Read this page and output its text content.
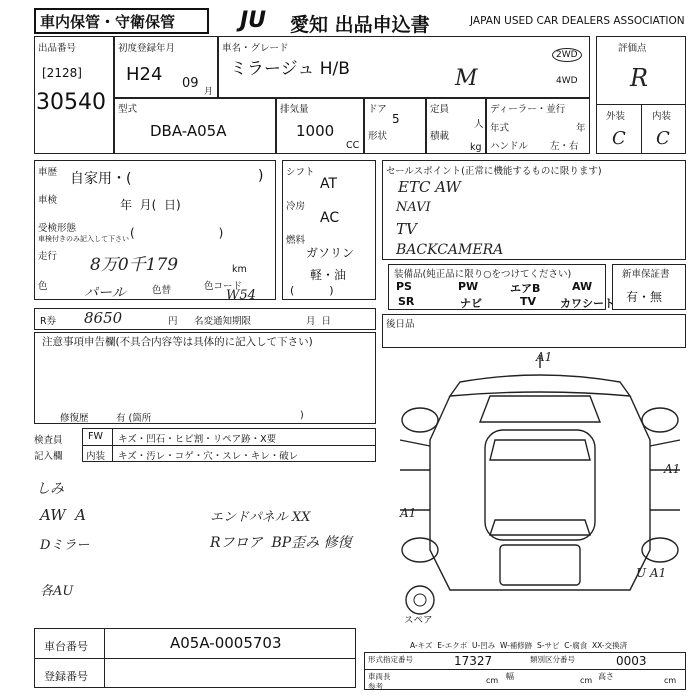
車内保管・守衛保管	JU 愛知 出品申込書	JAPAN USED CAR DEALERS ASSOCIATION
出品番号
[2128]
30540
初度登録年月
H24 09
月
車名・グレード
ミラージュ H/B	M
2WD
4WD
評価点
R
外装	内装
C C
型式
DBA-A05A
排気量
1000
CC
ドア
5
形状
定員
人
積載
kg
ディーラー・並行
年式	年
ハンドル 左・右
車歴 自家用・(	)
車検	年  月(  日)
受検形態
車検付きのみ記入して下さい (                      )
走行 8万0千179	km
色	パール	色替	色コード
W54
シフト
AT
冷房
AC
燃料
ガソリン
軽・油
(          )
セールスポイント(正常に機能するものに限ります)
ETC AW
NAVI
TV
BACKCAMERA
装備品(純正品に限り○をつけてください)
PS	PW	エアB	AW
SR	ナビ	TV カワシート
新車保証書
有・無
R券 8650	円 名変通知期限	月  日	後日品
注意事項申告欄(不具合内容等は具体的に記入して下さい)
修復歴	有 (箇所	)
検査員
記入欄
FW キズ・凹石・ヒビ割・リペア跡・X要
内装 キズ・汚レ・コゲ・穴・スレ・キレ・破レ
しみ
AW  A
Dミラー
エンドパネル XX
Rフロア  BP歪み 修復
各AU
A1
A1
A1
U A1
スペア
車台番号	A05A-0005703
登録番号
A-キズ  E-エクボ  U-凹み  W-補修跡  S-サビ  C-腐食  XX-交換済
形式指定番号	17327	類別区分番号	0003
車両長
参考
cm 幅	cm 高さ	cm
